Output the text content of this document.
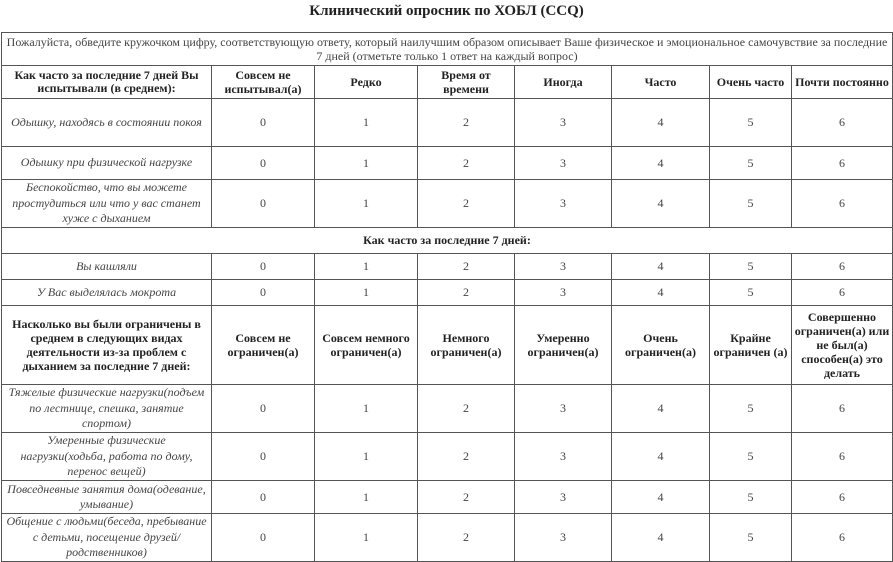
Клинический опросник по ХОБЛ (CCQ)
Пожалуйста, обведите кружочком цифру, соответствующую ответу, который наилучшим образом описывает Ваше физическое и эмоциональное самочувствие за последние 7 дней (отметьте только 1 ответ на каждый вопрос)							
Как часто за последние 7 дней Вы испытывали (в среднем):	Совсем не испытывал(а)	Редко	Время от времени	Иногда	Часто	Очень часто	Почти постоянно
Одышку, находясь в состоянии покоя	0	1	2	3	4	5	6
Одышку при физической нагрузке	0	1	2	3	4	5	6
Беспокойство, что вы можете простудиться или что у вас станет хуже с дыханием	0	1	2	3	4	5	6
Как часто за последние 7 дней:							
Вы кашляли	0	1	2	3	4	5	6
У Вас выделялась мокрота	0	1	2	3	4	5	6
Насколько вы были ограничены в среднем в следующих видах деятельности из-за проблем с дыханием за последние 7 дней:	Совсем не ограничен(а)	Совсем немного ограничен(а)	Немного ограничен(а)	Умеренно ограничен(а)	Очень ограничен(а)	Крайне ограничен (а)	Совершенно ограничен(а) или не был(а) способен(а) это делать
Тяжелые физические нагрузки(подъем по лестнице, спешка, занятие спортом)	0	1	2	3	4	5	6
Умеренные физические нагрузки(ходьба, работа по дому, перенос вещей)	0	1	2	3	4	5	6
Повседневные занятия дома(одевание, умывание)	0	1	2	3	4	5	6
Общение с людьми(беседа, пребывание с детьми, посещение друзей/родственников)	0	1	2	3	4	5	6
